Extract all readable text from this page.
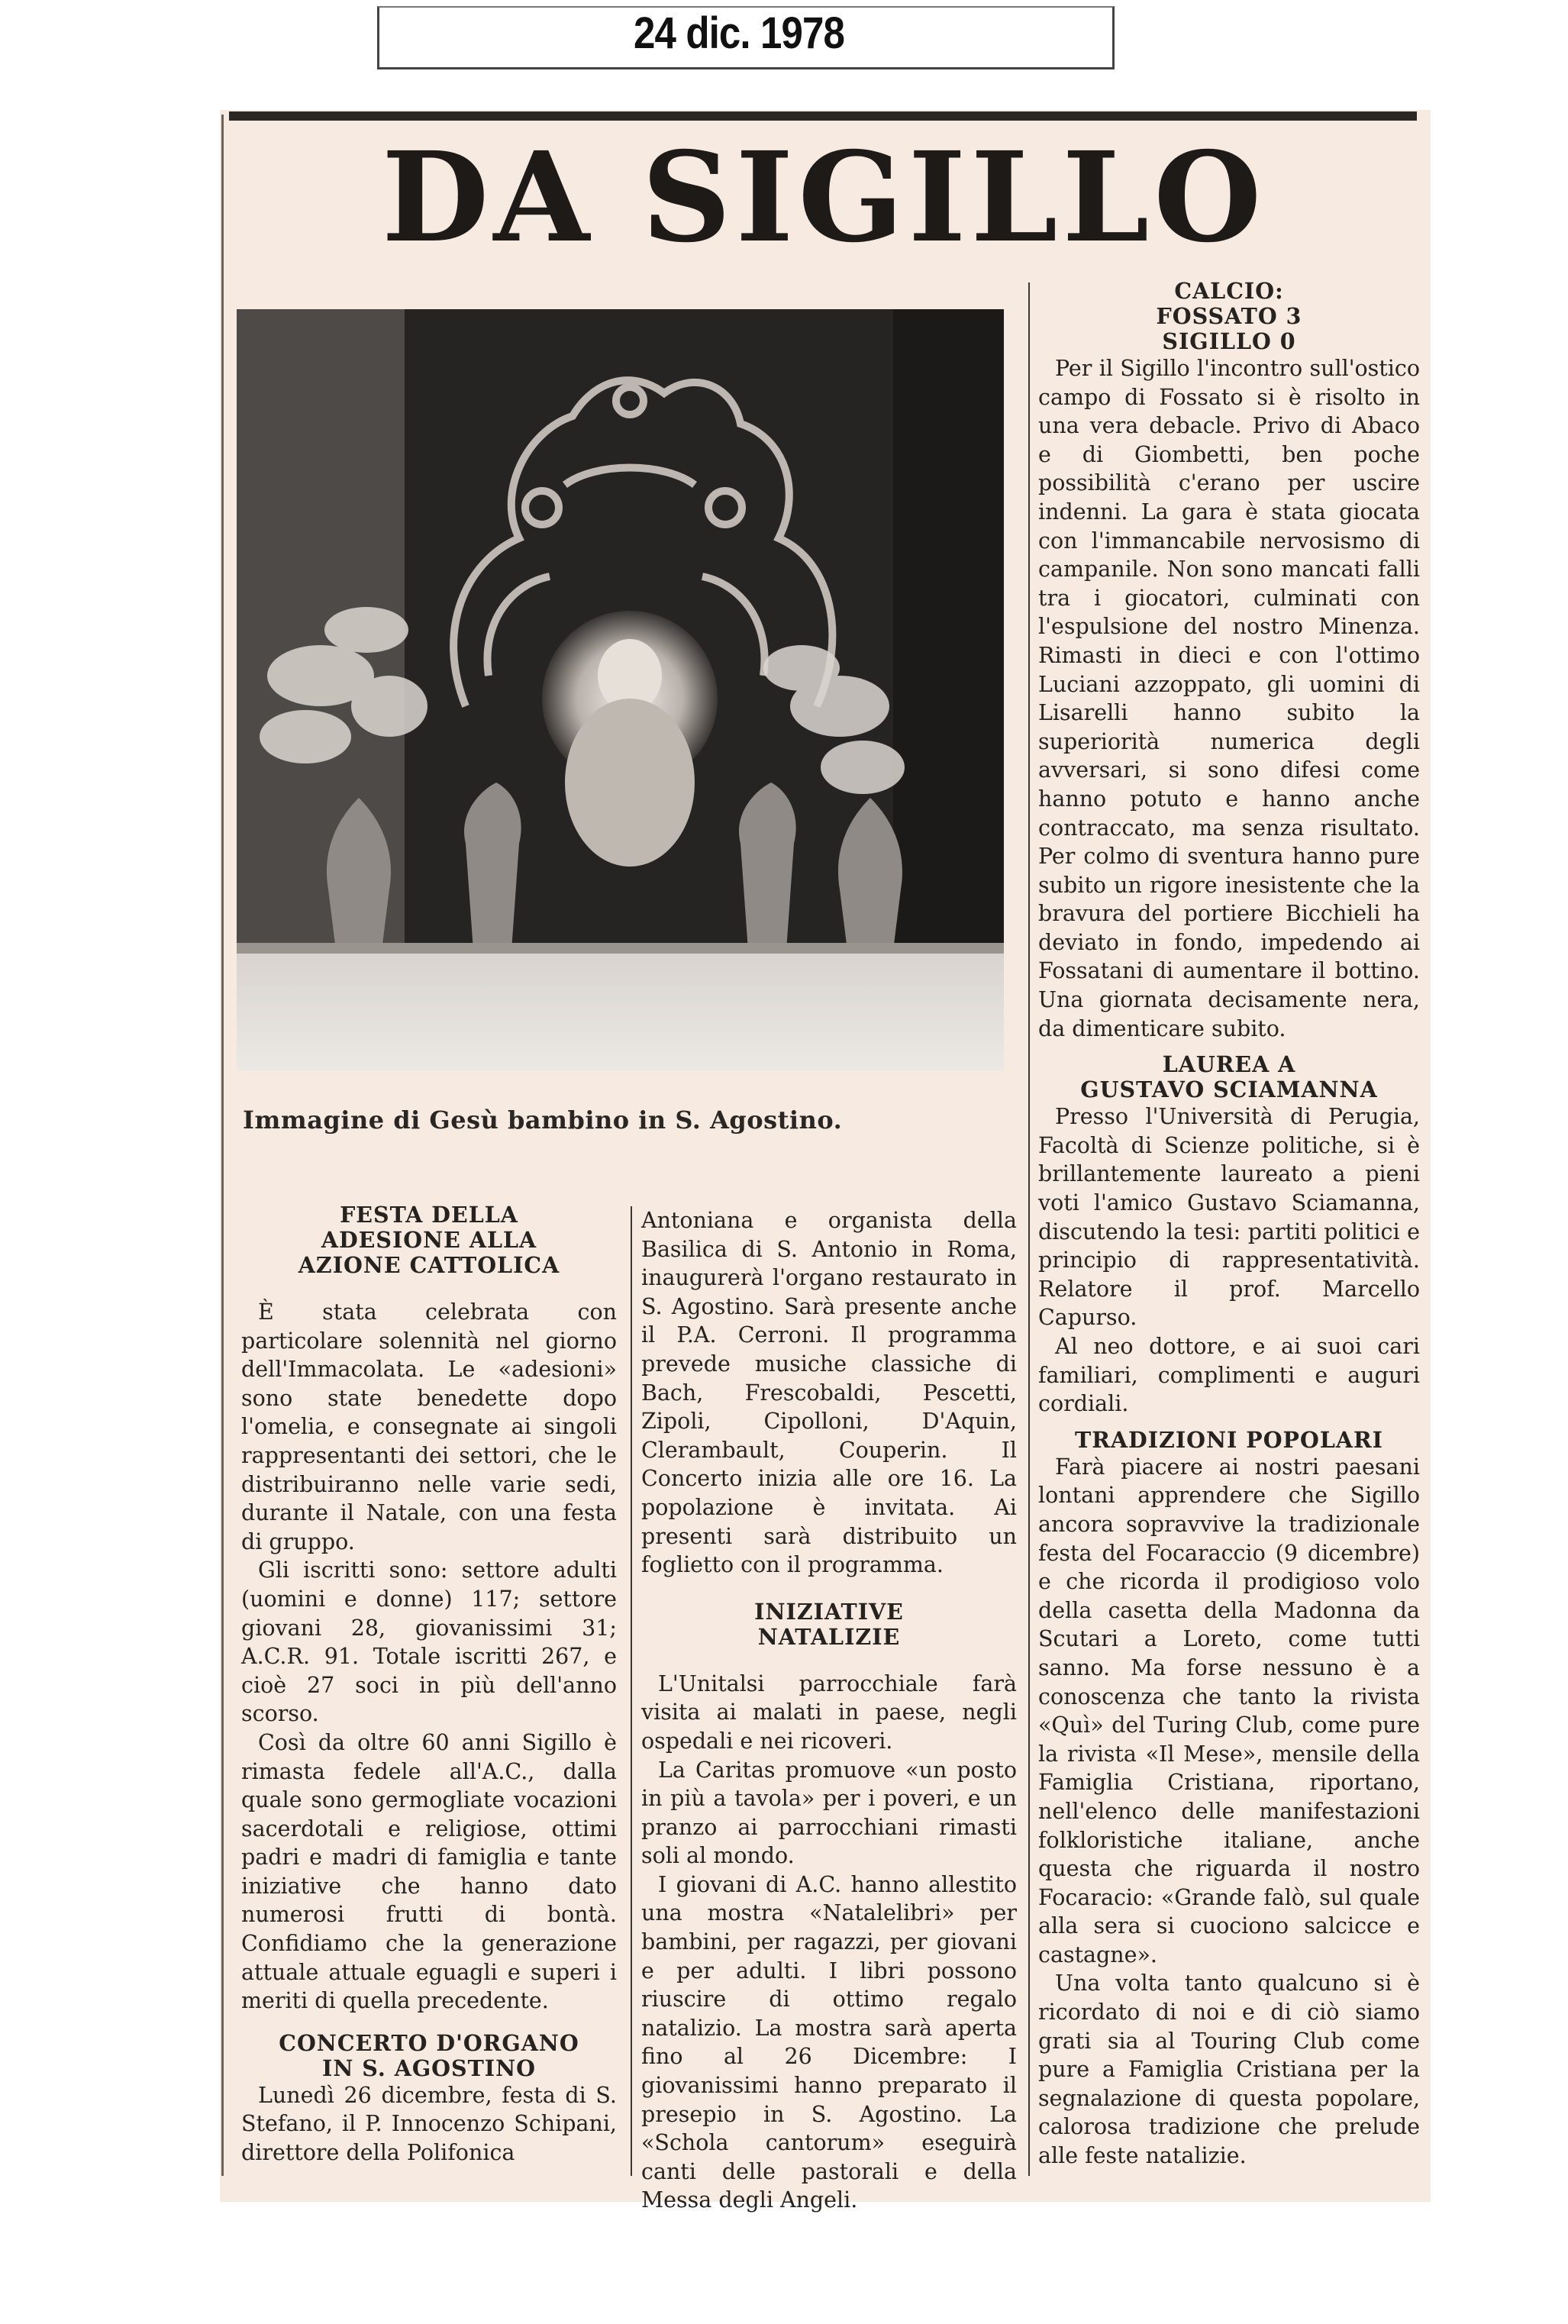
24 dic. 1978
DA SIGILLO
Immagine di Gesù bambino in S. Agostino.
FESTA DELLA
ADESIONE ALLA
AZIONE CATTOLICA

È stata celebrata con particolare solennità nel giorno dell'Immacolata. Le «adesioni» sono state benedette dopo l'omelia, e consegnate ai singoli rappresentanti dei settori, che le distribuiranno nelle varie sedi, durante il Natale, con una festa di gruppo.

Gli iscritti sono: settore adulti (uomini e donne) 117; settore giovani 28, giovanissimi 31; A.C.R. 91. Totale iscritti 267, e cioè 27 soci in più dell'anno scorso.

Così da oltre 60 anni Sigillo è rimasta fedele all'A.C., dalla quale sono germogliate vocazioni sacerdotali e religiose, ottimi padri e madri di famiglia e tante iniziative che hanno dato numerosi frutti di bontà. Confidiamo che la generazione attuale attuale eguagli e superi i meriti di quella precedente.

CONCERTO D'ORGANO
IN S. AGOSTINO

Lunedì 26 dicembre, festa di S. Stefano, il P. Innocenzo Schipani, direttore della Polifonica

Antoniana e organista della Basilica di S. Antonio in Roma, inaugurerà l'organo restaurato in S. Agostino. Sarà presente anche il P.A. Cerroni. Il programma prevede musiche classiche di Bach, Frescobaldi, Pescetti, Zipoli, Cipolloni, D'Aquin, Clerambault, Couperin. Il Concerto inizia alle ore 16. La popolazione è invitata. Ai presenti sarà distribuito un foglietto con il programma.

INIZIATIVE
NATALIZIE

L'Unitalsi parrocchiale farà visita ai malati in paese, negli ospedali e nei ricoveri.

La Caritas promuove «un posto in più a tavola» per i poveri, e un pranzo ai parrocchiani rimasti soli al mondo.

I giovani di A.C. hanno allestito una mostra «Natalelibri» per bambini, per ragazzi, per giovani e per adulti. I libri possono riuscire di ottimo regalo natalizio. La mostra sarà aperta fino al 26 Dicembre: I giovanissimi hanno preparato il presepio in S. Agostino. La «Schola cantorum» eseguirà canti delle pastorali e della Messa degli Angeli.

CALCIO:
FOSSATO 3
SIGILLO 0

Per il Sigillo l'incontro sull'ostico campo di Fossato si è risolto in una vera debacle. Privo di Abaco e di Giombetti, ben poche possibilità c'erano per uscire indenni. La gara è stata giocata con l'immancabile nervosismo di campanile. Non sono mancati falli tra i giocatori, culminati con l'espulsione del nostro Minenza. Rimasti in dieci e con l'ottimo Luciani azzoppato, gli uomini di Lisarelli hanno subito la superiorità numerica degli avversari, si sono difesi come hanno potuto e hanno anche contraccato, ma senza risultato. Per colmo di sventura hanno pure subito un rigore inesistente che la bravura del portiere Bicchieli ha deviato in fondo, impedendo ai Fossatani di aumentare il bottino. Una giornata decisamente nera, da dimenticare subito.

LAUREA A
GUSTAVO SCIAMANNA

Presso l'Università di Perugia, Facoltà di Scienze politiche, si è brillantemente laureato a pieni voti l'amico Gustavo Sciamanna, discutendo la tesi: partiti politici e principio di rappresentatività. Relatore il prof. Marcello Capurso.

Al neo dottore, e ai suoi cari familiari, complimenti e auguri cordiali.

TRADIZIONI POPOLARI

Farà piacere ai nostri paesani lontani apprendere che Sigillo ancora sopravvive la tradizionale festa del Focaraccio (9 dicembre) e che ricorda il prodigioso volo della casetta della Madonna da Scutari a Loreto, come tutti sanno. Ma forse nessuno è a conoscenza che tanto la rivista «Quì» del Turing Club, come pure la rivista «Il Mese», mensile della Famiglia Cristiana, riportano, nell'elenco delle manifestazioni folkloristiche italiane, anche questa che riguarda il nostro Focaracio: «Grande falò, sul quale alla sera si cuociono salcicce e castagne».

Una volta tanto qualcuno si è ricordato di noi e di ciò siamo grati sia al Touring Club come pure a Famiglia Cristiana per la segnalazione di questa popolare, calorosa tradizione che prelude alle feste natalizie.
